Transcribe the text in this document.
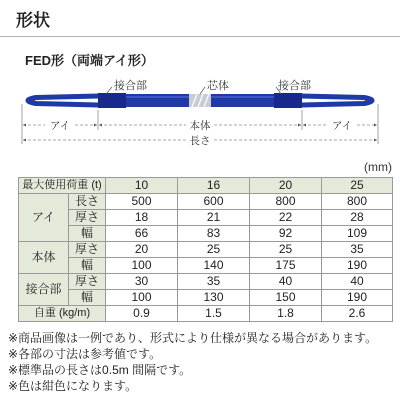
形状
FED形（両端アイ形）
接合部	芯体	接合部
アイ	本体	アイ
長さ
(mm)
最大使用荷重 (t)		10	16	20	25
アイ	長さ	500	600	800	800
	厚さ	18	21	22	28
	幅	66	83	92	109
本体	厚さ	20	25	25	35
	幅	100	140	175	190
接合部	厚さ	30	35	40	40
	幅	100	130	150	190
自重 (kg/m)		0.9	1.5	1.8	2.6
※商品画像は一例であり、形式により仕様が異なる場合があります。
※各部の寸法は参考値です。
※標準品の長さは0.5m 間隔です。
※色は紺色になります。
